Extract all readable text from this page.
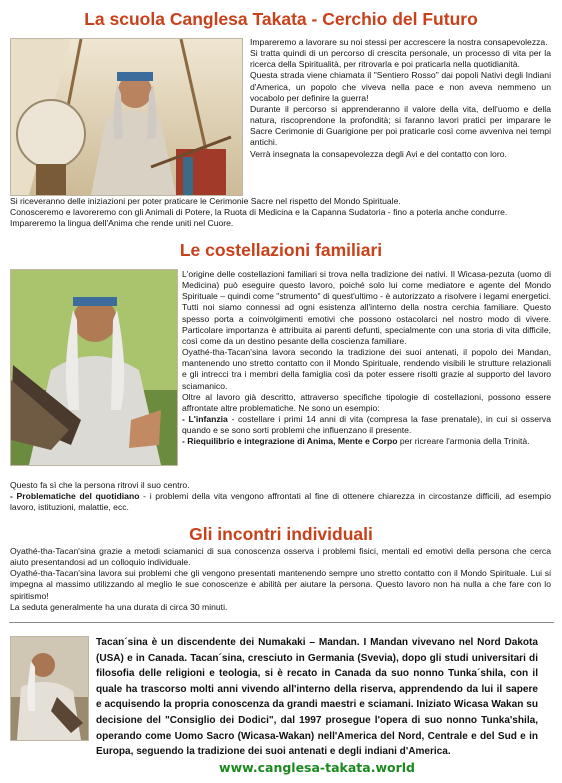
La scuola Canglesa Takata - Cerchio del Futuro

Impareremo a lavorare su noi stessi per accrescere la nostra consapevolezza.

Si tratta quindi di un percorso di crescita personale, un processo di vita per la ricerca della Spiritualità, per ritrovarla e poi praticarla nella quotidianità.

Questa strada viene chiamata il "Sentiero Rosso" dai popoli Nativi degli Indiani d'America, un popolo che viveva nella pace e non aveva nemmeno un vocabolo per definire la guerra!

Durante il percorso si apprenderanno il valore della vita, dell'uomo e della natura, riscoprendone la profondità; si faranno lavori pratici per imparare le Sacre Cerimonie di Guarigione per poi praticarle così come avveniva nei tempi antichi.

Verrà insegnata la consapevolezza degli Avi e del contatto con loro.

Si riceveranno delle iniziazioni per poter praticare le Cerimonie Sacre nel rispetto del Mondo Spirituale.

Conosceremo e lavoreremo con gli Animali di Potere, la Ruota di Medicina e la Capanna Sudatoria - fino a poterla anche condurre.

Impareremo la lingua dell'Anima che rende uniti nel Cuore.

Le costellazioni familiari

L'origine delle costellazioni familiari si trova nella tradizione dei nativi. Il Wicasa-pezuta (uomo di Medicina) può eseguire questo lavoro, poiché solo lui come mediatore e agente del Mondo Spirituale – quindi come "strumento" di quest'ultimo - è autorizzato a risolvere i legami energetici. Tutti noi siamo connessi ad ogni esistenza all'interno della nostra cerchia familiare. Questo spesso porta a coinvolgimenti emotivi che possono ostacolarci nel nostro modo di vivere. Particolare importanza è attribuita ai parenti defunti, specialmente con una storia di vita difficile, così come da un destino pesante della coscienza familiare.

Oyathé-tha-Tacan'sina lavora secondo la tradizione dei suoi antenati, il popolo dei Mandan, mantenendo uno stretto contatto con il Mondo Spirituale, rendendo visibili le strutture relazionali e gli intrecci tra i membri della famiglia così da poter essere risolti grazie al supporto del lavoro sciamanico.

Oltre al lavoro già descritto, attraverso specifiche tipologie di costellazioni, possono essere affrontate altre problematiche. Ne sono un esempio:

- L'infanzia - costellare i primi 14 anni di vita (compresa la fase prenatale), in cui si osserva quando e se sono sorti problemi che influenzano il presente.

- Riequilibrio e integrazione di Anima, Mente e Corpo per ricreare l'armonia della Trinità.

Questo fa sì che la persona ritrovi il suo centro.

- Problematiche del quotidiano - i problemi della vita vengono affrontati al fine di ottenere chiarezza in circostanze difficili, ad esempio lavoro, istituzioni, malattie, ecc.

Gli incontri individuali

Oyathé-tha-Tacan'sina grazie a metodi sciamanici di sua conoscenza osserva i problemi fisici, mentali ed emotivi della persona che cerca aiuto presentandosi ad un colloquio individuale.

Oyathé-tha-Tacan'sina lavora sui problemi che gli vengono presentati mantenendo sempre uno stretto contatto con il Mondo Spirituale. Lui si impegna al massimo utilizzando al meglio le sue conoscenze e abilità per aiutare la persona. Questo lavoro non ha nulla a che fare con lo spiritismo!

La seduta generalmente ha una durata di circa 30 minuti.

Tacan´sina è un discendente dei Numakaki – Mandan. I Mandan vivevano nel Nord Dakota (USA) e in Canada. Tacan´sina, cresciuto in Germania (Svevia), dopo gli studi universitari di filosofia delle religioni e teologia, si è recato in Canada da suo nonno Tunka´shila, con il quale ha trascorso molti anni vivendo all'interno della riserva, apprendendo da lui il sapere e acquisendo la propria conoscenza da grandi maestri e sciamani. Iniziato Wicasa Wakan su decisione del "Consiglio dei Dodici", dal 1997 prosegue l'opera di suo nonno Tunka'shila, operando come Uomo Sacro (Wicasa-Wakan) nell'America del Nord, Centrale e del Sud e in Europa, seguendo la tradizione dei suoi antenati e degli indiani d'America.
www.canglesa-takata.world
